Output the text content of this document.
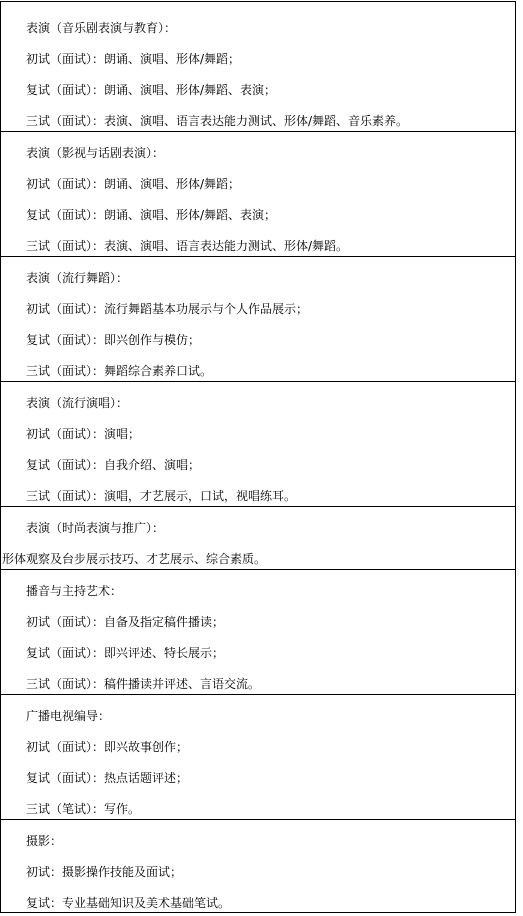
表演（音乐剧表演与教育）：
初试（面试）：朗诵、演唱、形体/舞蹈；
复试（面试）：朗诵、演唱、形体/舞蹈、表演；
三试（面试）：表演、演唱、语言表达能力测试、形体/舞蹈、音乐素养。
表演（影视与话剧表演）：
初试（面试）：朗诵、演唱、形体/舞蹈；
复试（面试）：朗诵、演唱、形体/舞蹈、表演；
三试（面试）：表演、演唱、语言表达能力测试、形体/舞蹈。
表演（流行舞蹈）：
初试（面试）：流行舞蹈基本功展示与个人作品展示；
复试（面试）：即兴创作与模仿；
三试（面试）：舞蹈综合素养口试。
表演（流行演唱）：
初试（面试）：演唱；
复试（面试）：自我介绍、演唱；
三试（面试）：演唱，才艺展示，口试，视唱练耳。
表演（时尚表演与推广）：
形体观察及台步展示技巧、才艺展示、综合素质。
播音与主持艺术：
初试（面试）：自备及指定稿件播读；
复试（面试）：即兴评述、特长展示；
三试（面试）：稿件播读并评述、言语交流。
广播电视编导：
初试（面试）：即兴故事创作；
复试（面试）：热点话题评述；
三试（笔试）：写作。
摄影：
初试：摄影操作技能及面试；
复试：专业基础知识及美术基础笔试。
